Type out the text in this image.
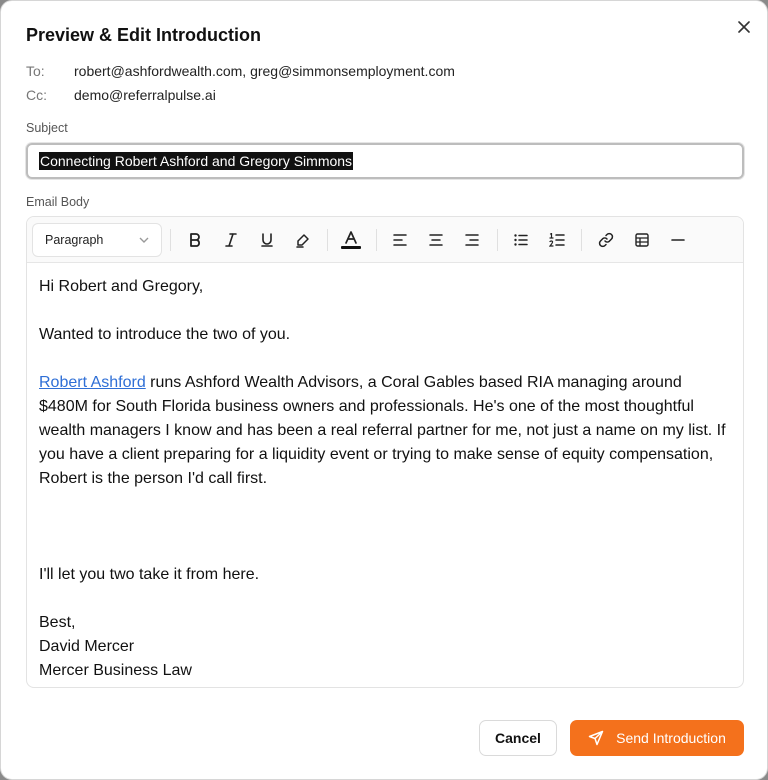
Preview & Edit Introduction
To:	robert@ashfordwealth.com, greg@simmonsemployment.com
Cc:	demo@referralpulse.ai
Subject
Connecting Robert Ashford and Gregory Simmons
Email Body
Paragraph

Hi Robert and Gregory,

Wanted to introduce the two of you.

Robert Ashford runs Ashford Wealth Advisors, a Coral Gables based RIA managing around $480M for South Florida business owners and professionals. He's one of the most thoughtful wealth managers I know and has been a real referral partner for me, not just a name on my list. If you have a client preparing for a liquidity event or trying to make sense of equity compensation, Robert is the person I'd call first.

I'll let you two take it from here.

Best,

David Mercer

Mercer Business Law

Cancel	Send Introduction
